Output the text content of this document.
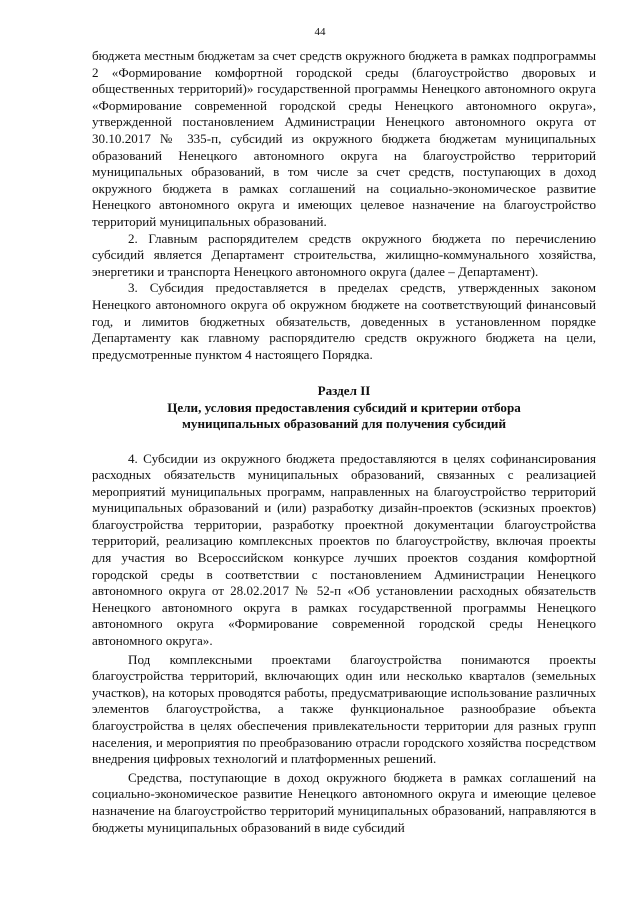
44

бюджета местным бюджетам за счет средств окружного бюджета в рамках подпрограммы 2 «Формирование комфортной городской среды (благоустройство дворовых и общественных территорий)» государственной программы Ненецкого автономного округа «Формирование современной городской среды Ненецкого автономного округа», утвержденной постановлением Администрации Ненецкого автономного округа от 30.10.2017 № 335-п, субсидий из окружного бюджета бюджетам муниципальных образований Ненецкого автономного округа на благоустройство территорий муниципальных образований, в том числе за счет средств, поступающих в доход окружного бюджета в рамках соглашений на социально-экономическое развитие Ненецкого автономного округа и имеющих целевое назначение на благоустройство территорий муниципальных образований.

2. Главным распорядителем средств окружного бюджета по перечислению субсидий является Департамент строительства, жилищно-коммунального хозяйства, энергетики и транспорта Ненецкого автономного округа (далее – Департамент).

3. Субсидия предоставляется в пределах средств, утвержденных законом Ненецкого автономного округа об окружном бюджете на соответствующий финансовый год, и лимитов бюджетных обязательств, доведенных в установленном порядке Департаменту как главному распорядителю средств окружного бюджета на цели, предусмотренные пунктом 4 настоящего Порядка.

Раздел II
Цели, условия предоставления субсидий и критерии отбора
муниципальных образований для получения субсидий

4. Субсидии из окружного бюджета предоставляются в целях софинансирования расходных обязательств муниципальных образований, связанных с реализацией мероприятий муниципальных программ, направленных на благоустройство территорий муниципальных образований и (или) разработку дизайн-проектов (эскизных проектов) благоустройства территории, разработку проектной документации благоустройства территорий, реализацию комплексных проектов по благоустройству, включая проекты для участия во Всероссийском конкурсе лучших проектов создания комфортной городской среды в соответствии с постановлением Администрации Ненецкого автономного округа от 28.02.2017 № 52-п «Об установлении расходных обязательств Ненецкого автономного округа в рамках государственной программы Ненецкого автономного округа «Формирование современной городской среды Ненецкого автономного округа».

Под комплексными проектами благоустройства понимаются проекты благоустройства территорий, включающих один или несколько кварталов (земельных участков), на которых проводятся работы, предусматривающие использование различных элементов благоустройства, а также функциональное разнообразие объекта благоустройства в целях обеспечения привлекательности территории для разных групп населения, и мероприятия по преобразованию отрасли городского хозяйства посредством внедрения цифровых технологий и платформенных решений.

Средства, поступающие в доход окружного бюджета в рамках соглашений на социально-экономическое развитие Ненецкого автономного округа и имеющие целевое назначение на благоустройство территорий муниципальных образований, направляются в бюджеты муниципальных образований в виде субсидий
